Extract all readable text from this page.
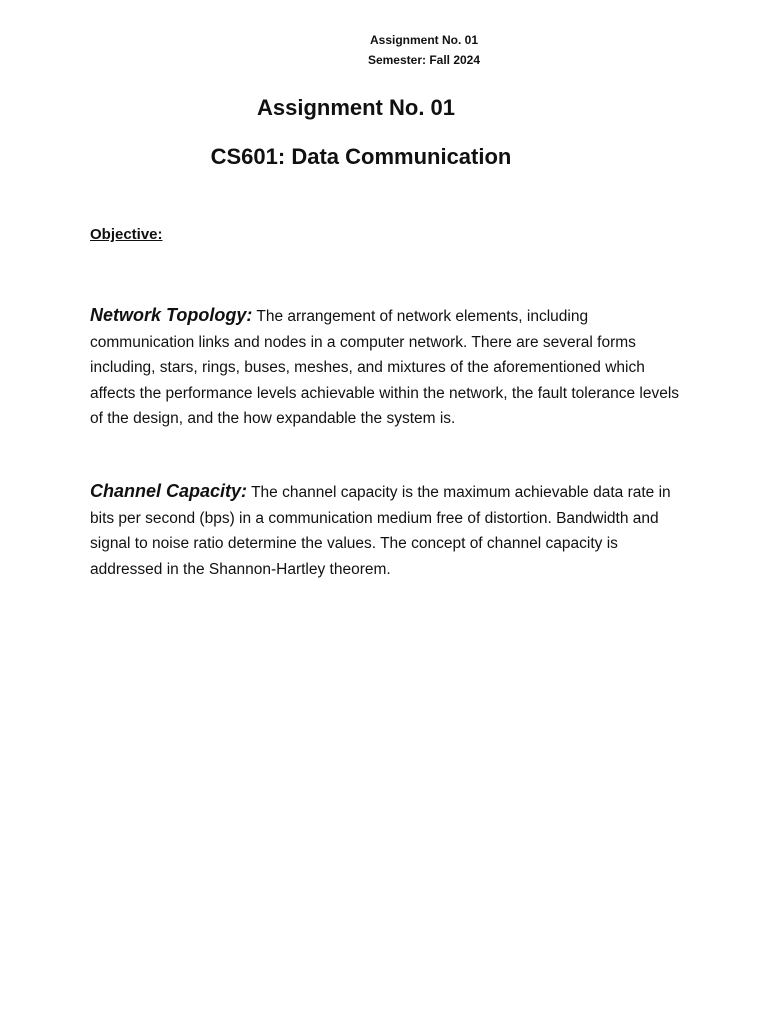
Assignment No. 01
Semester: Fall 2024
Assignment No. 01
CS601: Data Communication
Objective:
Network Topology: The arrangement of network elements, including communication links and nodes in a computer network. There are several forms including, stars, rings, buses, meshes, and mixtures of the aforementioned which affects the performance levels achievable within the network, the fault tolerance levels of the design, and the how expandable the system is.
Channel Capacity: The channel capacity is the maximum achievable data rate in bits per second (bps) in a communication medium free of distortion. Bandwidth and signal to noise ratio determine the values. The concept of channel capacity is addressed in the Shannon-Hartley theorem.
